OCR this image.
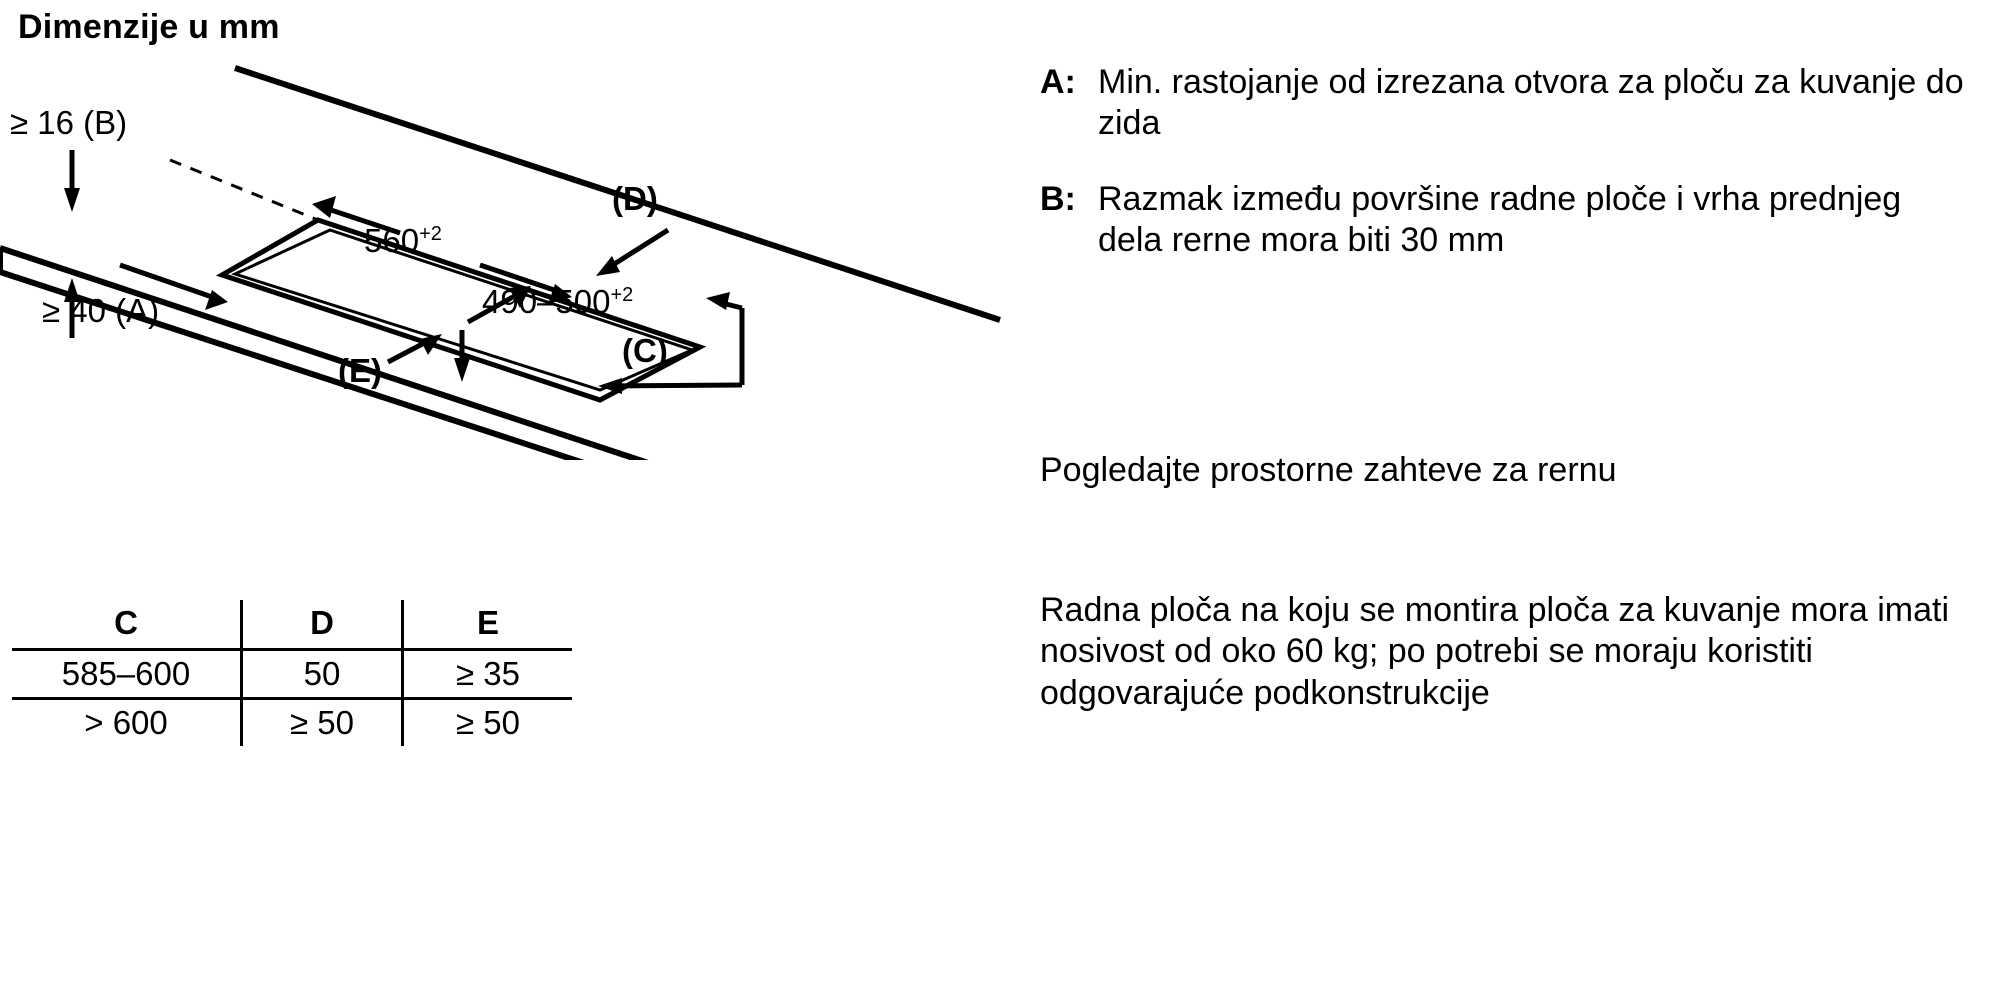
Dimenzije u mm
≥ 16 (B)
≥ 40 (A)
$560^{+2}$
$490-500^{+2}$
(D)
(C)
(E)
C	D	E
585–600	50	≥ 35
> 600	≥ 50	≥ 50
A: Min. rastojanje od izrezana otvora za ploču za kuvanje do zida
B: Razmak između površine radne ploče i vrha prednjeg dela rerne mora biti 30 mm
Pogledajte prostorne zahteve za rernu
Radna ploča na koju se montira ploča za kuvanje mora imati nosivost od oko 60 kg; po potrebi se moraju koristiti odgovarajuće podkonstrukcije
